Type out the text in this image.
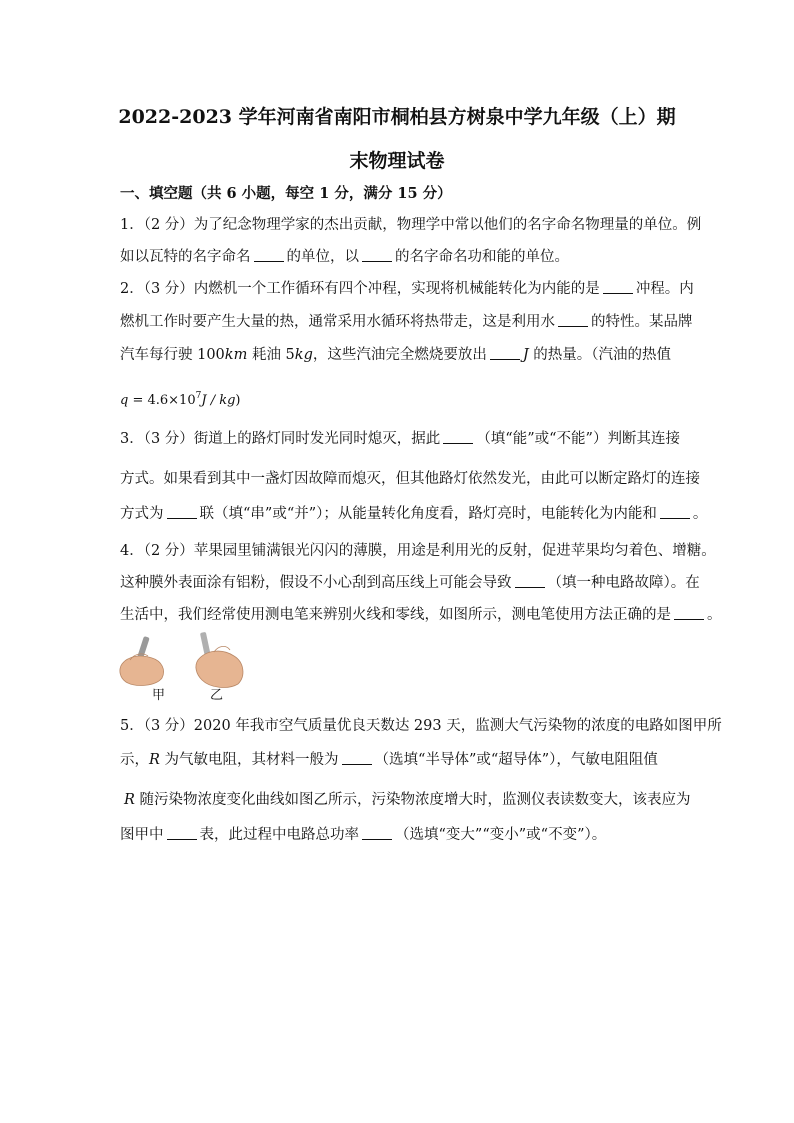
2022-2023 学年河南省南阳市桐柏县方树泉中学九年级（上）期
末物理试卷
一、填空题（共 6 小题，每空 1 分，满分 15 分）
1．（2 分）为了纪念物理学家的杰出贡献，物理学中常以他们的名字命名物理量的单位。例
如以瓦特的名字命名 的单位，以 的名字命名功和能的单位。
2．（3 分）内燃机一个工作循环有四个冲程，实现将机械能转化为内能的是 冲程。内
燃机工作时要产生大量的热，通常采用水循环将热带走，这是利用水 的特性。某品牌
汽车每行驶 100km 耗油 5kg，这些汽油完全燃烧要放出 J 的热量。（汽油的热值
$q = 4.6\times 10^7J / kg$)
3．（3 分）街道上的路灯同时发光同时熄灭，据此 （填“能”或“不能”）判断其连接
方式。如果看到其中一盏灯因故障而熄灭，但其他路灯依然发光，由此可以断定路灯的连接
方式为 联（填“串”或“并”）；从能量转化角度看，路灯亮时，电能转化为内能和 。
4．（2 分）苹果园里铺满银光闪闪的薄膜，用途是利用光的反射，促进苹果均匀着色、增糖。
这种膜外表面涂有铝粉，假设不小心刮到高压线上可能会导致 （填一种电路故障）。在
生活中，我们经常使用测电笔来辨别火线和零线，如图所示，测电笔使用方法正确的是 。
甲	乙
5．（3 分）2020 年我市空气质量优良天数达 293 天，监测大气污染物的浓度的电路如图甲所
示，R 为气敏电阻，其材料一般为 （选填“半导体”或“超导体”），气敏电阻阻值
R 随污染物浓度变化曲线如图乙所示，污染物浓度增大时，监测仪表读数变大，该表应为
图甲中 表，此过程中电路总功率 （选填“变大”“变小”或“不变”）。
